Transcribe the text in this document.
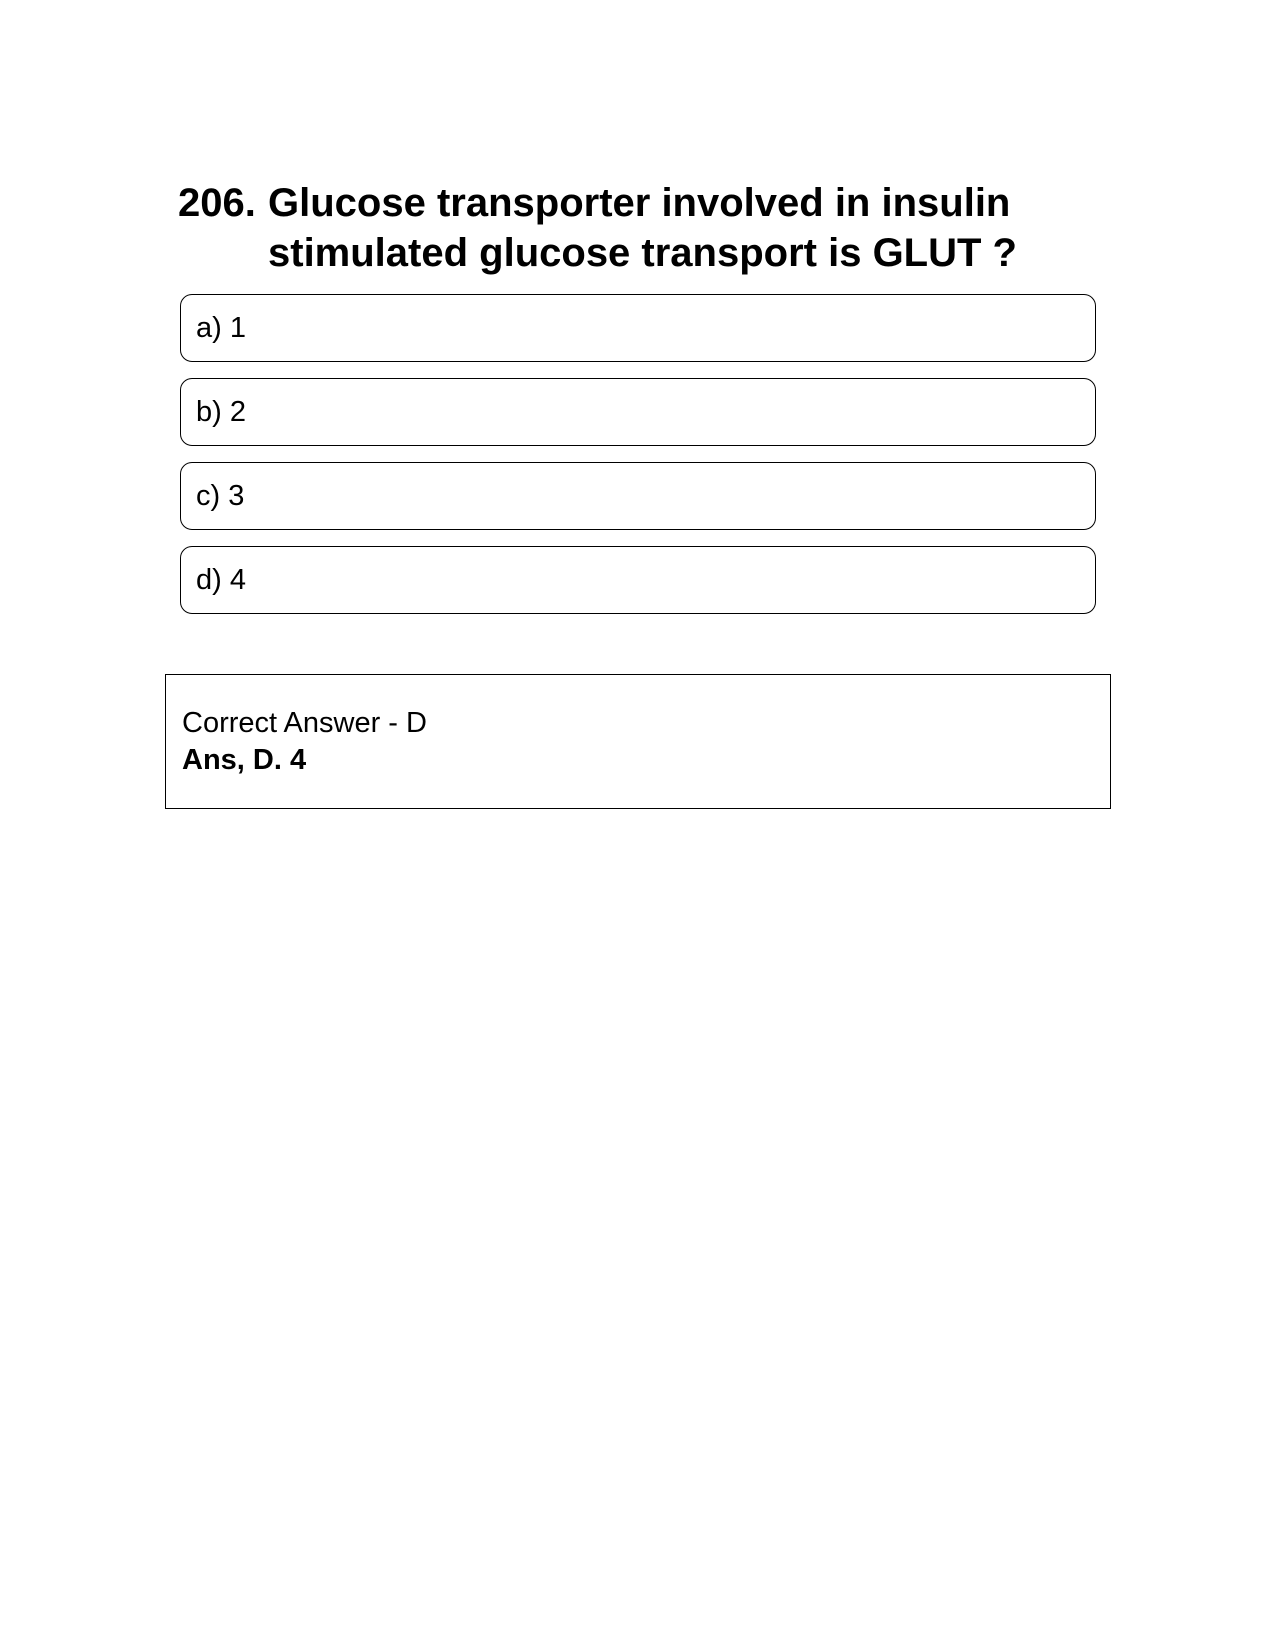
206. Glucose transporter involved in insulin stimulated glucose transport is GLUT ?
a) 1
b) 2
c) 3
d) 4
Correct Answer - D
Ans, D. 4
